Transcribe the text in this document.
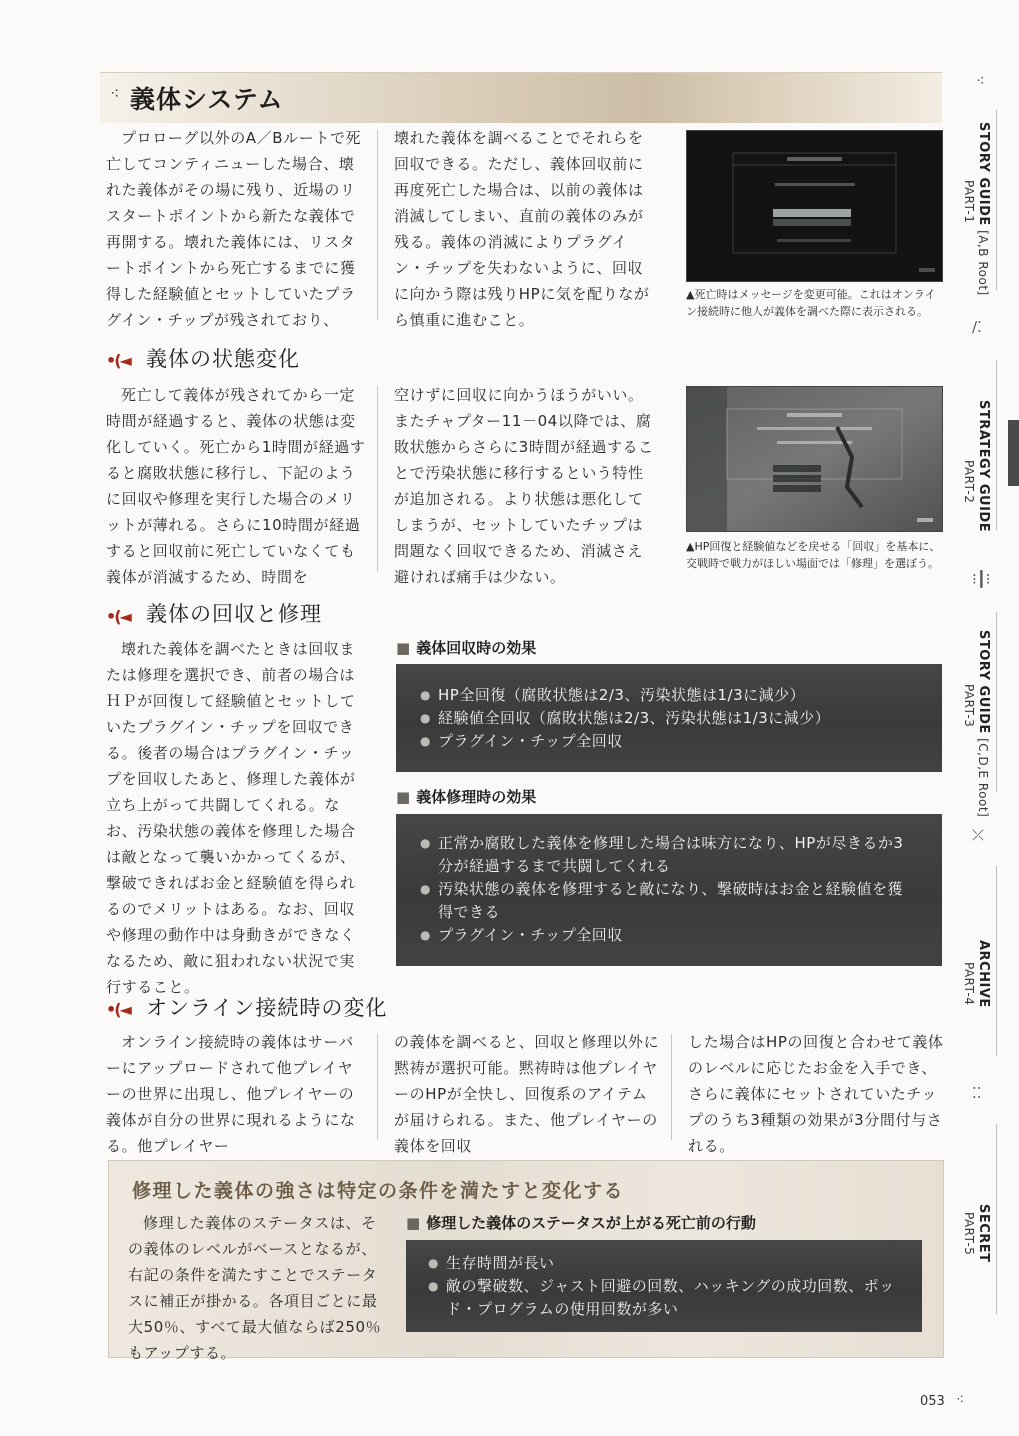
⁖ 義体システム
プロローグ以外のA／Bルートで死亡してコンティニューした場合、壊れた義体がその場に残り、近場のリスタートポイントから新たな義体で再開する。壊れた義体には、リスタートポイントから死亡するまでに獲得した経験値とセットしていたプラグイン・チップが残されており、
壊れた義体を調べることでそれらを回収できる。ただし、義体回収前に再度死亡した場合は、以前の義体は消滅してしまい、直前の義体のみが残る。義体の消滅によりプラグイン・チップを失わないように、回収に向かう際は残りHPに気を配りながら慎重に進むこと。
▲死亡時はメッセージを変更可能。これはオンライン接続時に他人が義体を調べた際に表示される。
•(◄ 義体の状態変化
死亡して義体が残されてから一定時間が経過すると、義体の状態は変化していく。死亡から1時間が経過すると腐敗状態に移行し、下記のように回収や修理を実行した場合のメリットが薄れる。さらに10時間が経過すると回収前に死亡していなくても義体が消滅するため、時間を
空けずに回収に向かうほうがいい。またチャプター11－04以降では、腐敗状態からさらに3時間が経過することで汚染状態に移行するという特性が追加される。より状態は悪化してしまうが、セットしていたチップは問題なく回収できるため、消滅さえ避ければ痛手は少ない。
▲HP回復と経験値などを戻せる「回収」を基本に、交戦時で戦力がほしい場面では「修理」を選ぼう。
•(◄ 義体の回収と修理
壊れた義体を調べたときは回収または修理を選択でき、前者の場合はＨＰが回復して経験値とセットしていたプラグイン・チップを回収できる。後者の場合はプラグイン・チップを回収したあと、修理した義体が立ち上がって共闘してくれる。なお、汚染状態の義体を修理した場合は敵となって襲いかかってくるが、撃破できればお金と経験値を得られるのでメリットはある。なお、回収や修理の動作中は身動きができなくなるため、敵に狙われない状況で実行すること。
■ 義体回収時の効果
● HP全回復（腐敗状態は2/3、汚染状態は1/3に減少）
● 経験値全回収（腐敗状態は2/3、汚染状態は1/3に減少）
● プラグイン・チップ全回収
■ 義体修理時の効果
● 正常か腐敗した義体を修理した場合は味方になり、HPが尽きるか3分が経過するまで共闘してくれる
● 汚染状態の義体を修理すると敵になり、撃破時はお金と経験値を獲得できる
● プラグイン・チップ全回収
•(◄ オンライン接続時の変化
オンライン接続時の義体はサーバーにアップロードされて他プレイヤーの世界に出現し、他プレイヤーの義体が自分の世界に現れるようになる。他プレイヤー
の義体を調べると、回収と修理以外に黙祷が選択可能。黙祷時は他プレイヤーのHPが全快し、回復系のアイテムが届けられる。また、他プレイヤーの義体を回収
した場合はHPの回復と合わせて義体のレベルに応じたお金を入手でき、さらに義体にセットされていたチップのうち3種類の効果が3分間付与される。
修理した義体の強さは特定の条件を満たすと変化する
修理した義体のステータスは、その義体のレベルがベースとなるが、右記の条件を満たすことでステータスに補正が掛かる。各項目ごとに最大50％、すべて最大値ならば250％もアップする。
■ 修理した義体のステータスが上がる死亡前の行動
● 生存時間が長い
● 敵の撃破数、ジャスト回避の回数、ハッキングの成功回数、ポッド・プログラムの使用回数が多い
⁖
STORY GUIDE [A,B Root]
PART-1
∕⁚
STRATEGY GUIDE
PART-2
⁝┃⁝
STORY GUIDE [C,D,E Root]
PART-3
⤫
ARCHIVE
PART-4
⁚⁚
SECRET
PART-5
053 ⁖
